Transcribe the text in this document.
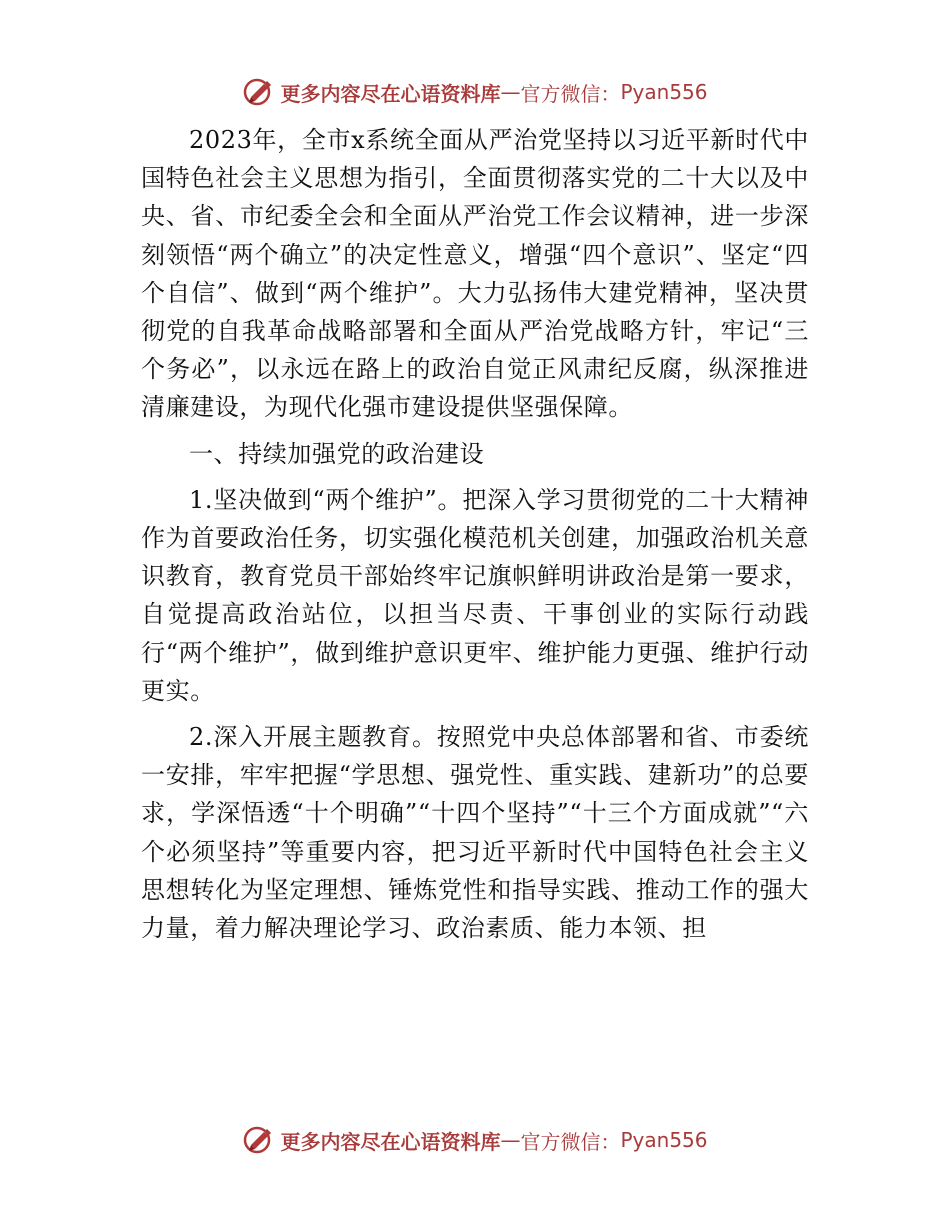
更多内容尽在心语资料库 — 官方微信： Pyan556

2023年，全市x系统全面从严治党坚持以习近平新时代中国特色社会主义思想为指引，全面贯彻落实党的二十大以及中央、省、市纪委全会和全面从严治党工作会议精神，进一步深刻领悟“两个确立”的决定性意义，增强“四个意识”、坚定“四个自信”、做到“两个维护”。大力弘扬伟大建党精神，坚决贯彻党的自我革命战略部署和全面从严治党战略方针，牢记“三个务必”，以永远在路上的政治自觉正风肃纪反腐，纵深推进清廉建设，为现代化强市建设提供坚强保障。

一、持续加强党的政治建设

1.坚决做到“两个维护”。把深入学习贯彻党的二十大精神作为首要政治任务，切实强化模范机关创建，加强政治机关意识教育，教育党员干部始终牢记旗帜鲜明讲政治是第一要求，自觉提高政治站位，以担当尽责、干事创业的实际行动践行“两个维护”，做到维护意识更牢、维护能力更强、维护行动更实。

2.深入开展主题教育。按照党中央总体部署和省、市委统一安排，牢牢把握“学思想、强党性、重实践、建新功”的总要求，学深悟透“十个明确”“十四个坚持”“十三个方面成就”“六个必须坚持”等重要内容，把习近平新时代中国特色社会主义思想转化为坚定理想、锤炼党性和指导实践、推动工作的强大力量，着力解决理论学习、政治素质、能力本领、担

更多内容尽在心语资料库 — 官方微信： Pyan556
